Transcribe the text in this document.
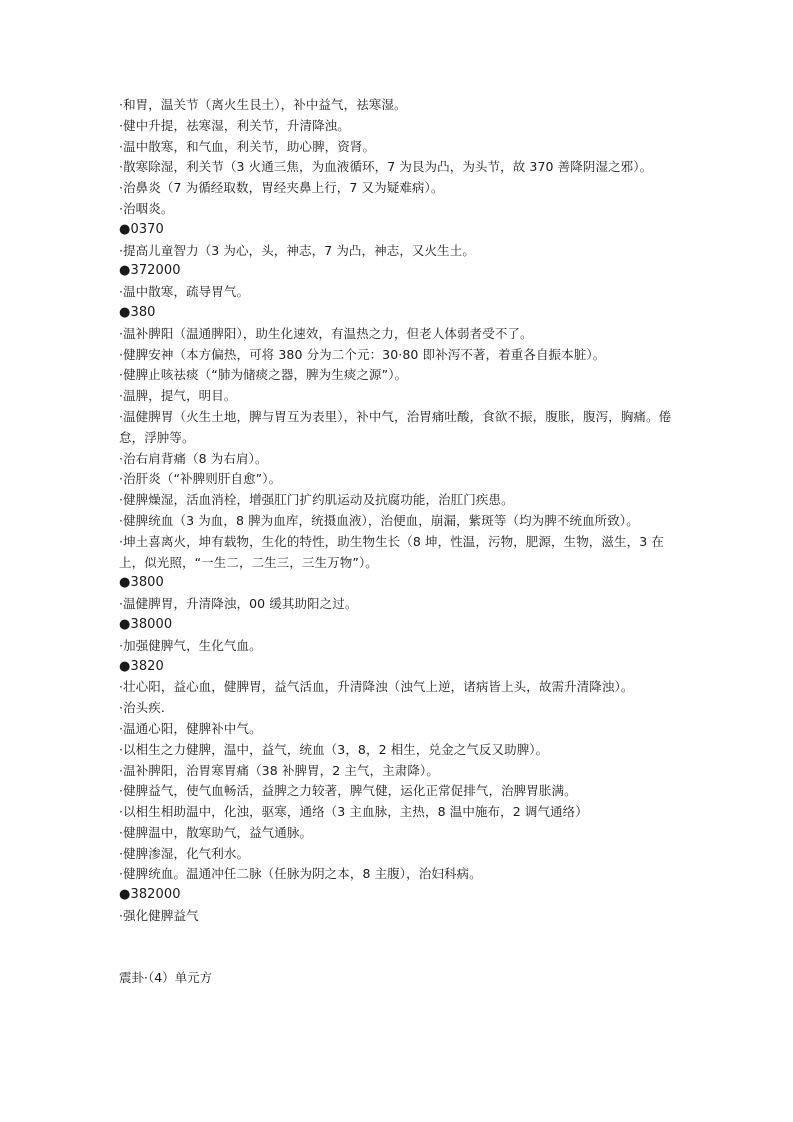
·和胃，温关节（离火生艮土），补中益气，祛寒湿。
·健中升提，祛寒湿，利关节，升清降浊。
·温中散寒，和气血，利关节，助心脾，资肾。
·散寒除湿，利关节（3 火通三焦，为血液循环，7 为艮为凸，为头节，故 370 善降阴湿之邪）。
·治鼻炎（7 为循经取数，胃经夹鼻上行，7 又为疑难病）。
·治咽炎。
●0370
·提高儿童智力（3 为心，头，神志，7 为凸，神志，又火生土。
●372000
·温中散寒，疏导胃气。
●380
·温补脾阳（温通脾阳），助生化速效，有温热之力，但老人体弱者受不了。
·健脾安神（本方偏热，可将 380 分为二个元：30·80 即补泻不著，着重各自振本脏）。
·健脾止咳祛痰（“肺为储痰之器，脾为生痰之源”）。
·温脾，提气，明目。
·温健脾胃（火生土地，脾与胃互为表里），补中气，治胃痛吐酸，食欲不振，腹胀，腹泻，胸痛。倦怠，浮肿等。
·治右肩背痛（8 为右肩）。
·治肝炎（“补脾则肝自愈”）。
·健脾燥湿，活血消栓，增强肛门扩约肌运动及抗腐功能，治肛门疾患。
·健脾统血（3 为血，8 脾为血库，统摄血液），治便血，崩漏，紫斑等（均为脾不统血所致）。
·坤土喜离火，坤有载物，生化的特性，助生物生长（8 坤，性温，污物，肥源，生物，滋生，3 在上，似光照，“一生二，二生三，三生万物”）。
●3800
·温健脾胃，升清降浊，00 缓其助阳之过。
●38000
·加强健脾气，生化气血。
●3820
·壮心阳，益心血，健脾胃，益气活血，升清降浊（浊气上逆，诸病皆上头，故需升清降浊）。
·治头疾.
·温通心阳，健脾补中气。
·以相生之力健脾，温中，益气，统血（3，8，2 相生，兑金之气反又助脾）。
·温补脾阳，治胃寒胃痛（38 补脾胃，2 主气，主肃降）。
·健脾益气，使气血畅活，益脾之力较著，脾气健，运化正常促排气，治脾胃胀满。
·以相生相助温中，化浊，驱寒，通络（3 主血脉，主热，8 温中施布，2 调气通络）
·健脾温中，散寒助气，益气通脉。
·健脾渗湿，化气利水。
·健脾统血。温通冲任二脉（任脉为阴之本，8 主腹），治妇科病。
●382000
·强化健脾益气
震卦·（4）单元方
